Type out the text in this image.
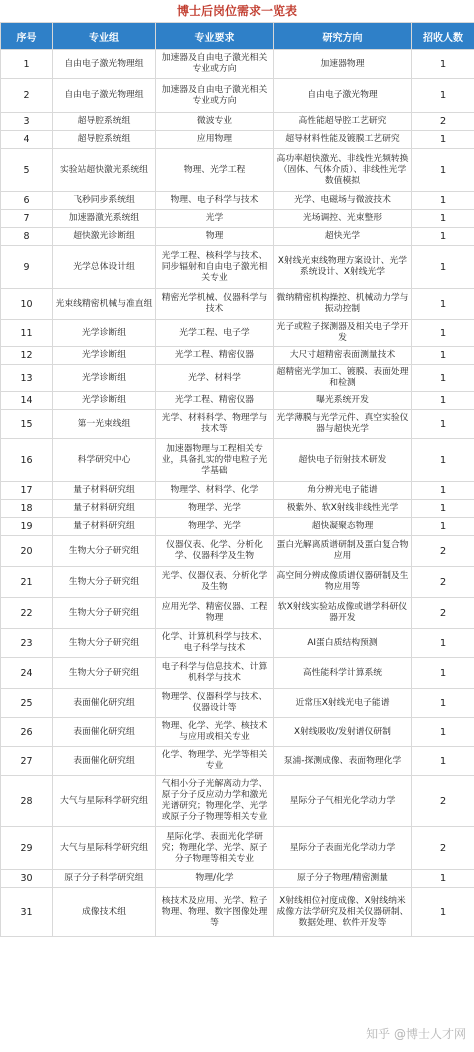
博士后岗位需求一览表
序号	专业组	专业要求	研究方向	招收人数
1	自由电子激光物理组	加速器及自由电子激光相关专业或方向	加速器物理	1
2	自由电子激光物理组	加速器及自由电子激光相关专业或方向	自由电子激光物理	1
3	超导腔系统组	微波专业	高性能超导腔工艺研究	2
4	超导腔系统组	应用物理	超导材料性能及镀膜工艺研究	1
5	实验站超快激光系统组	物理、光学工程	高功率超快激光、非线性光频转换（固体、气体介质）、非线性光学数值模拟	1
6	飞秒同步系统组	物理、电子科学与技术	光学、电磁场与微波技术	1
7	加速器激光系统组	光学	光场调控、光束整形	1
8	超快激光诊断组	物理	超快光学	1
9	光学总体设计组	光学工程、核科学与技术、同步辐射和自由电子激光相关专业	X射线光束线物理方案设计、光学系统设计、X射线光学	1
10	光束线精密机械与准直组	精密光学机械、仪器科学与技术	微纳精密机构操控、机械动力学与振动控制	1
11	光学诊断组	光学工程、电子学	光子或粒子探测器及相关电子学开发	1
12	光学诊断组	光学工程、精密仪器	大尺寸超精密表面测量技术	1
13	光学诊断组	光学、材料学	超精密光学加工、镀膜、表面处理和检测	1
14	光学诊断组	光学工程、精密仪器	曝光系统开发	1
15	第一光束线组	光学、材料科学、物理学与技术等	光学薄膜与光学元件、真空实验仪器与超快光学	1
16	科学研究中心	加速器物理与工程相关专业，具备扎实的带电粒子光学基础	超快电子衍射技术研发	1
17	量子材料研究组	物理学、材料学、化学	角分辨光电子能谱	1
18	量子材料研究组	物理学、光学	极紫外、软X射线非线性光学	1
19	量子材料研究组	物理学、光学	超快凝聚态物理	1
20	生物大分子研究组	仪器仪表、化学、分析化学、仪器科学及生物	蛋白光解离质谱研制及蛋白复合物应用	2
21	生物大分子研究组	光学、仪器仪表、分析化学及生物	高空间分辨成像质谱仪器研制及生物应用等	2
22	生物大分子研究组	应用光学、精密仪器、工程物理	软X射线实验站成像或谱学科研仪器开发	2
23	生物大分子研究组	化学、计算机科学与技术、电子科学与技术	AI蛋白质结构预测	1
24	生物大分子研究组	电子科学与信息技术、计算机科学与技术	高性能科学计算系统	1
25	表面催化研究组	物理学、仪器科学与技术、仪器设计等	近常压X射线光电子能谱	1
26	表面催化研究组	物理、化学、光学、核技术与应用或相关专业	X射线吸收/发射谱仪研制	1
27	表面催化研究组	化学、物理学、光学等相关专业	泵浦-探测成像、表面物理化学	1
28	大气与星际科学研究组	气相小分子光解离动力学、原子分子反应动力学和激光光谱研究；物理化学、光学或原子分子物理等相关专业	星际分子气相光化学动力学	2
29	大气与星际科学研究组	星际化学、表面光化学研究；物理化学、光学、原子分子物理等相关专业	星际分子表面光化学动力学	2
30	原子分子科学研究组	物理/化学	原子分子物理/精密测量	1
31	成像技术组	核技术及应用、光学、粒子物理、物理、数字图像处理等	X射线相位衬度成像、X射线纳米成像方法学研究及相关仪器研制、数据处理、软件开发等	1
知乎 @博士人才网
